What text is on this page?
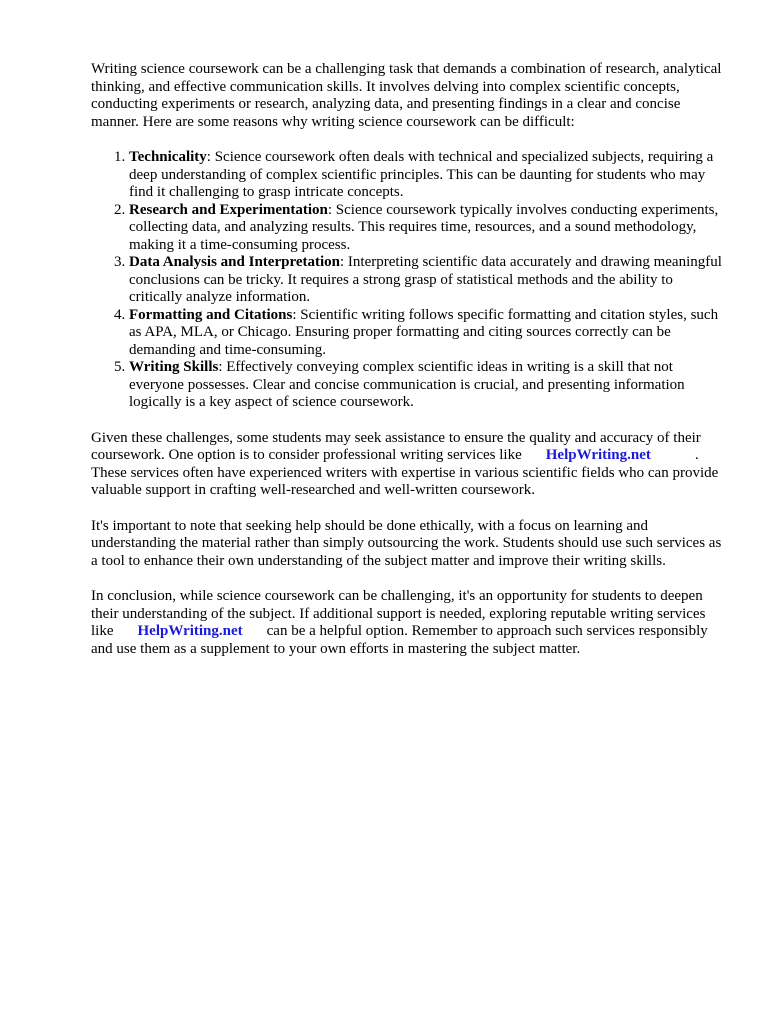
Writing science coursework can be a challenging task that demands a combination of research, analytical thinking, and effective communication skills. It involves delving into complex scientific concepts, conducting experiments or research, analyzing data, and presenting findings in a clear and concise manner. Here are some reasons why writing science coursework can be difficult:

1. Technicality: Science coursework often deals with technical and specialized subjects, requiring a deep understanding of complex scientific principles. This can be daunting for students who may find it challenging to grasp intricate concepts.
2. Research and Experimentation: Science coursework typically involves conducting experiments, collecting data, and analyzing results. This requires time, resources, and a sound methodology, making it a time-consuming process.
3. Data Analysis and Interpretation: Interpreting scientific data accurately and drawing meaningful conclusions can be tricky. It requires a strong grasp of statistical methods and the ability to critically analyze information.
4. Formatting and Citations: Scientific writing follows specific formatting and citation styles, such as APA, MLA, or Chicago. Ensuring proper formatting and citing sources correctly can be demanding and time-consuming.
5. Writing Skills: Effectively conveying complex scientific ideas in writing is a skill that not everyone possesses. Clear and concise communication is crucial, and presenting information logically is a key aspect of science coursework.

Given these challenges, some students may seek assistance to ensure the quality and accuracy of their coursework. One option is to consider professional writing services like HelpWriting.net	. These services often have experienced writers with expertise in various scientific fields who can provide valuable support in crafting well-researched and well-written coursework.

It's important to note that seeking help should be done ethically, with a focus on learning and understanding the material rather than simply outsourcing the work. Students should use such services as a tool to enhance their own understanding of the subject matter and improve their writing skills.

In conclusion, while science coursework can be challenging, it's an opportunity for students to deepen their understanding of the subject. If additional support is needed, exploring reputable writing services like HelpWriting.net can be a helpful option. Remember to approach such services responsibly and use them as a supplement to your own efforts in mastering the subject matter.
